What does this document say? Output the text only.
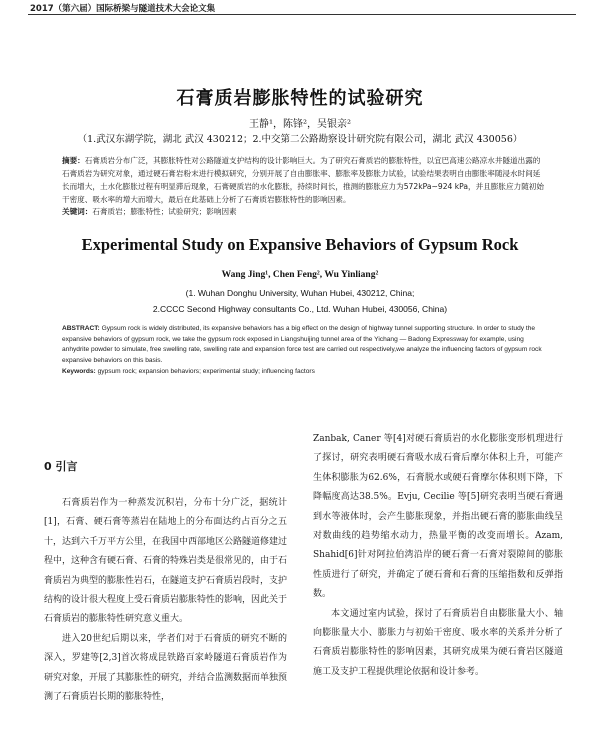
2017（第六届）国际桥梁与隧道技术大会论文集
石膏质岩膨胀特性的试验研究
王静¹，陈锋²，吴银亲²
（1.武汉东湖学院，湖北 武汉 430212；2.中交第二公路勘察设计研究院有限公司，湖北 武汉 430056）
摘要：石膏质岩分布广泛，其膨胀特性对公路隧道支护结构的设计影响巨大。为了研究石膏质岩的膨胀特性，以宜巴高速公路凉水井隧道出露的石膏质岩为研究对象，通过硬石膏岩粉末进行模拟研究，分别开展了自由膨胀率、膨胀率及膨胀力试验，试验结果表明自由膨胀率随浸水时间延长而增大，土水化膨胀过程有明显滞后现象，石膏硬质岩的水化膨胀，持续时间长，推测的膨胀应力为572kPa~924 kPa，并且膨胀应力随初始干密度、吸水率的增大而增大，最后在此基础上分析了石膏质岩膨胀特性的影响因素。
关键词：石膏质岩；膨胀特性；试验研究；影响因素
Experimental Study on Expansive Behaviors of Gypsum Rock
Wang Jing¹, Chen Feng², Wu Yinliang²
(1. Wuhan Donghu University, Wuhan Hubei, 430212, China;
2.CCCC Second Highway consultants Co., Ltd. Wuhan Hubei, 430056, China)
ABSTRACT: Gypsum rock is widely distributed, its expansive behaviors has a big effect on the design of highway tunnel supporting structure. In order to study the expansive behaviors of gypsum rock, we take the gypsum rock exposed in Liangshuijing tunnel area of the Yichang — Badong Expressway for example, using anhydrite powder to simulate, free swelling rate, swelling rate and expansion force test are carried out respectively,we analyze the influencing factors of gypsum rock expansive behaviors on this basis.
Keywords: gypsum rock; expansion behaviors; experimental study; influencing factors
0 引言

石膏质岩作为一种蒸发沉积岩，分布十分广泛，据统计[1]，石膏、硬石膏等蒸岩在陆地上的分布面达约占百分之五十，达到六千万平方公里，在我国中西部地区公路隧道修建过程中，这种含有硬石膏、石膏的特殊岩类是很常见的，由于石膏质岩为典型的膨胀性岩石，在隧道支护石膏质岩段时，支护结构的设计很大程度上受石膏质岩膨胀特性的影响，因此关于石膏质岩的膨胀特性研究意义重大。

进入20世纪后期以来，学者们对于石膏质的研究不断的深入，罗建等[2,3]首次将成昆铁路百家岭隧道石膏质岩作为研究对象，开展了其膨胀性的研究，并结合监测数据而单独预测了石膏质岩长期的膨胀特性，

Zanbak, Caner 等[4]对硬石膏质岩的水化膨胀变形机理进行了探讨，研究表明硬石膏吸水成石膏后摩尔体积上升，可能产生体积膨胀为62.6%，石膏脱水或硬石膏摩尔体积则下降，下降幅度高达38.5%。Evju, Cecilie 等[5]研究表明当硬石膏遇到水等液体时，会产生膨胀现象，并指出硬石膏的膨胀曲线呈对数曲线的趋势缩水动力，热量平衡的改变而增长。Azam, Shahid[6]针对阿拉伯湾沿岸的硬石膏一石膏对裂隙间的膨胀性质进行了研究，并确定了硬石膏和石膏的压缩指数和反弹指数。

本文通过室内试验，探讨了石膏质岩自由膨胀量大小、轴向膨胀量大小、膨胀力与初始干密度、吸水率的关系并分析了石膏质岩膨胀特性的影响因素，其研究成果为硬石膏岩区隧道施工及支护工程提供理论依据和设计参考。
